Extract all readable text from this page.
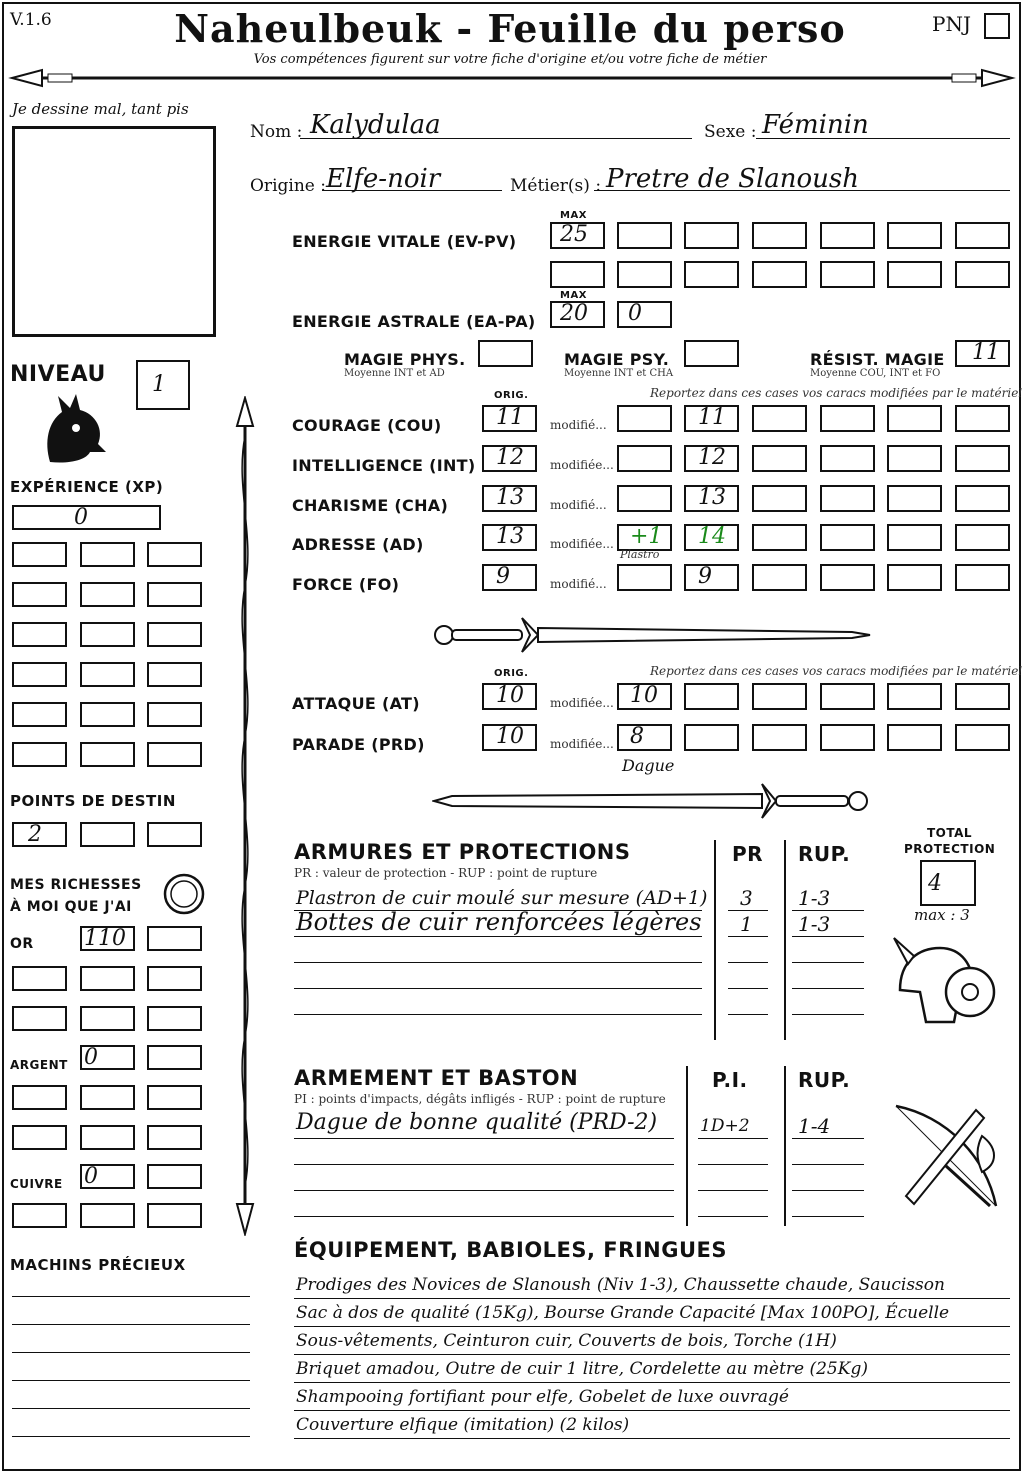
V.1.6	Naheulbeuk - Feuille du perso	PNJ
Vos compétences figurent sur votre fiche d'origine et/ou votre fiche de métier
Je dessine mal, tant pis
Nom : Kalydulaa	Sexe : Féminin
Origine : Elfe-noir	Métier(s) : Pretre de Slanoush
MAX
ENERGIE VITALE (EV-PV) 25
MAX
ENERGIE ASTRALE (EA-PA) 20 0
MAGIE PHYS.
Moyenne INT et AD
MAGIE PSY.
Moyenne INT et CHA
RÉSIST. MAGIE
Moyenne COU, INT et FO
11
NIVEAU 1
EXPÉRIENCE (XP)
0
POINTS DE DESTIN
2
MES RICHESSES
À MOI QUE J'AI
OR 110
ARGENT 0
CUIVRE 0
MACHINS PRÉCIEUX
ORIG.	Reportez dans ces cases vos caracs modifiées par le matériel
COURAGE (COU) 11 modifié...	11
INTELLIGENCE (INT) 12 modifiée...	12
CHARISME (CHA) 13 modifié...	13
ADRESSE (AD)	13 modifiée... +1 14
FORCE (FO)	9	modifié...	9
Plastro
ORIG.	Reportez dans ces cases vos caracs modifiées par le matériel
ATTAQUE (AT)	10 modifiée... 10
PARADE (PRD)	10 modifiée... 8
Dague
ARMURES ET PROTECTIONS
PR : valeur de protection - RUP : point de rupture
PR RUP.
TOTAL
PROTECTION
4
max : 3
Plastron de cuir moulé sur mesure (AD+1) 3 1-3
Bottes de cuir renforcées légères 1 1-3
ARMEMENT ET BASTON
PI : points d'impacts, dégâts infligés - RUP : point de rupture
P.I.	RUP.
Dague de bonne qualité (PRD-2)	1D+2 1-4
ÉQUIPEMENT, BABIOLES, FRINGUES
Prodiges des Novices de Slanoush (Niv 1-3), Chaussette chaude, Saucisson
Sac à dos de qualité (15Kg), Bourse Grande Capacité [Max 100PO], Écuelle
Sous-vêtements, Ceinturon cuir, Couverts de bois, Torche (1H)
Briquet amadou, Outre de cuir 1 litre, Cordelette au mètre (25Kg)
Shampooing fortifiant pour elfe, Gobelet de luxe ouvragé
Couverture elfique (imitation) (2 kilos)
